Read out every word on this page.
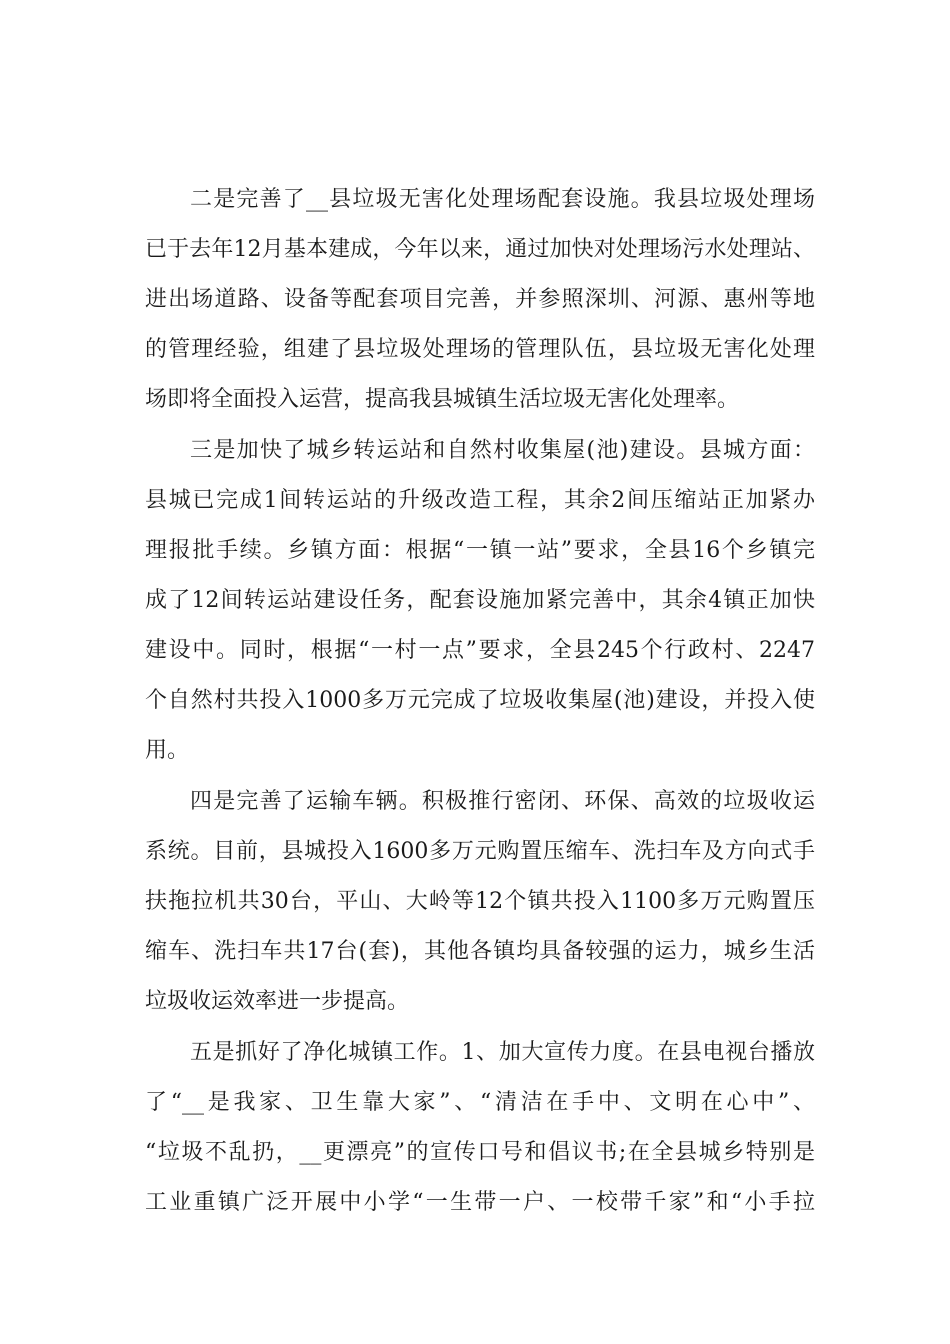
二是完善了__县垃圾无害化处理场配套设施。我县垃圾处理场
已于去年12月基本建成，今年以来，通过加快对处理场污水处理站、
进出场道路、设备等配套项目完善，并参照深圳、河源、惠州等地
的管理经验，组建了县垃圾处理场的管理队伍，县垃圾无害化处理
场即将全面投入运营，提高我县城镇生活垃圾无害化处理率。
三是加快了城乡转运站和自然村收集屋(池)建设。县城方面：
县城已完成1间转运站的升级改造工程，其余2间压缩站正加紧办
理报批手续。乡镇方面：根据“一镇一站”要求，全县16个乡镇完
成了12间转运站建设任务，配套设施加紧完善中，其余4镇正加快
建设中。同时，根据“一村一点”要求，全县245个行政村、2247
个自然村共投入1000多万元完成了垃圾收集屋(池)建设，并投入使
用。
四是完善了运输车辆。积极推行密闭、环保、高效的垃圾收运
系统。目前，县城投入1600多万元购置压缩车、洗扫车及方向式手
扶拖拉机共30台，平山、大岭等12个镇共投入1100多万元购置压
缩车、洗扫车共17台(套)，其他各镇均具备较强的运力，城乡生活
垃圾收运效率进一步提高。
五是抓好了净化城镇工作。1、加大宣传力度。在县电视台播放
了“__是我家、卫生靠大家”、“清洁在手中、文明在心中”、
“垃圾不乱扔，__更漂亮”的宣传口号和倡议书;在全县城乡特别是
工业重镇广泛开展中小学“一生带一户、一校带千家”和“小手拉
